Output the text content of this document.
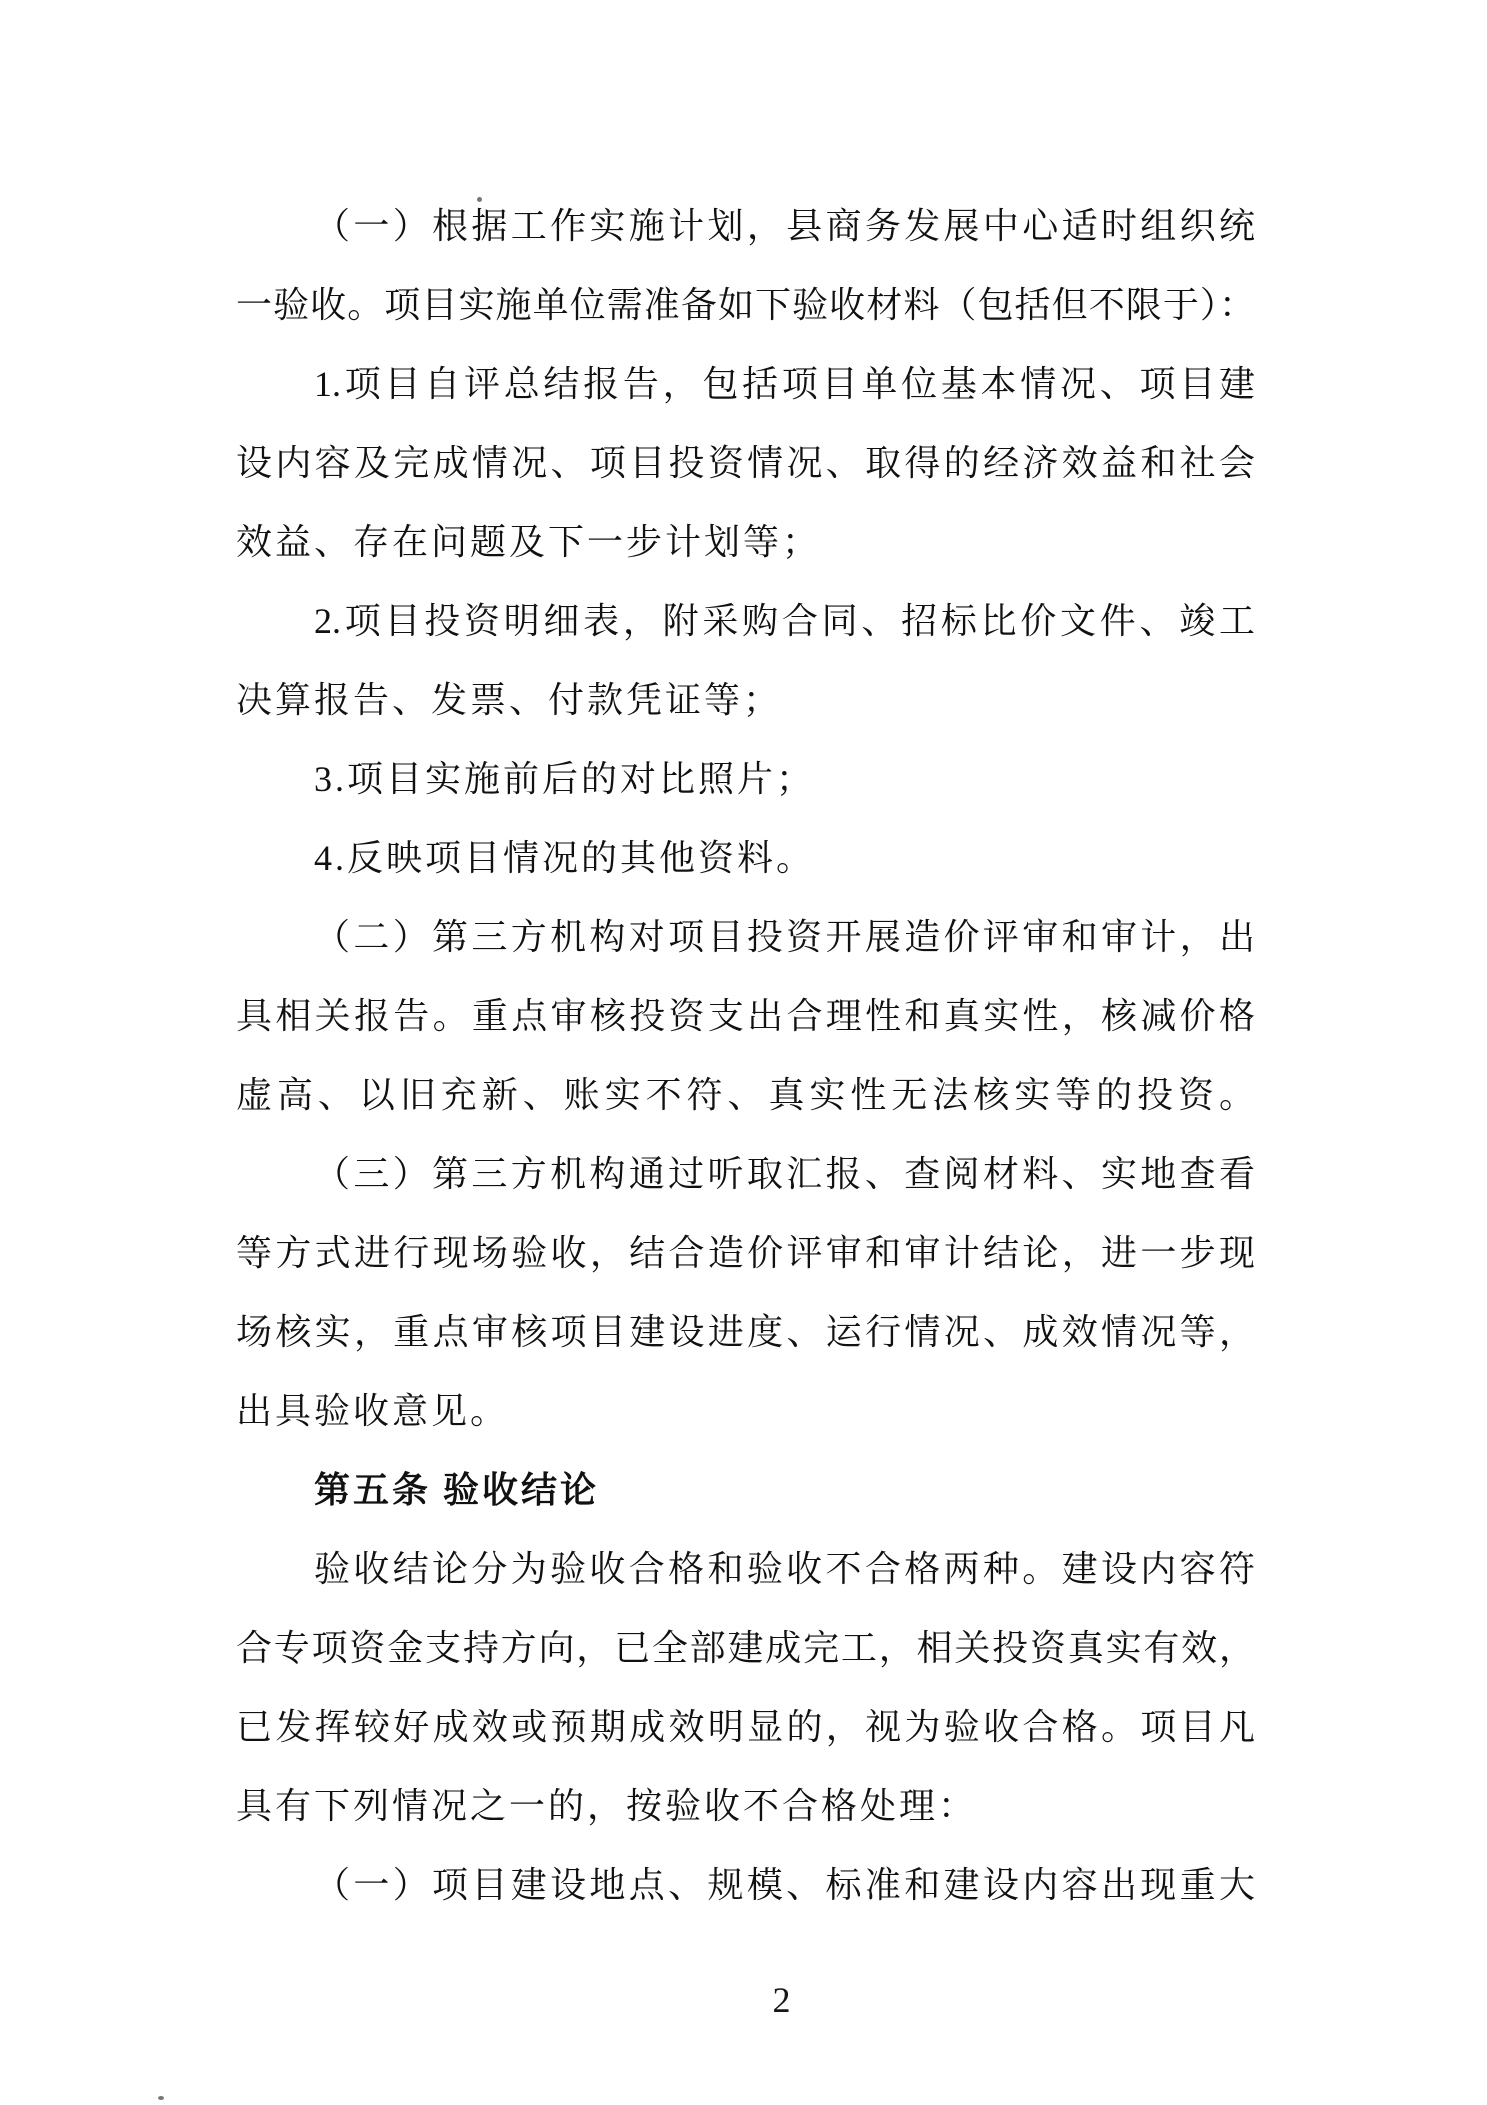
（一）根据工作实施计划，县商务发展中心适时组织统
一验收。项目实施单位需准备如下验收材料（包括但不限于）：
1.项目自评总结报告，包括项目单位基本情况、项目建
设内容及完成情况、项目投资情况、取得的经济效益和社会
效益、存在问题及下一步计划等；
2.项目投资明细表，附采购合同、招标比价文件、竣工
决算报告、发票、付款凭证等；
3.项目实施前后的对比照片；
4.反映项目情况的其他资料。
（二）第三方机构对项目投资开展造价评审和审计，出
具相关报告。重点审核投资支出合理性和真实性，核减价格
虚高、以旧充新、账实不符、真实性无法核实等的投资。
（三）第三方机构通过听取汇报、查阅材料、实地查看
等方式进行现场验收，结合造价评审和审计结论，进一步现
场核实，重点审核项目建设进度、运行情况、成效情况等，
出具验收意见。
第五条 验收结论
验收结论分为验收合格和验收不合格两种。建设内容符
合专项资金支持方向，已全部建成完工，相关投资真实有效，
已发挥较好成效或预期成效明显的，视为验收合格。项目凡
具有下列情况之一的，按验收不合格处理：
（一）项目建设地点、规模、标准和建设内容出现重大
2
